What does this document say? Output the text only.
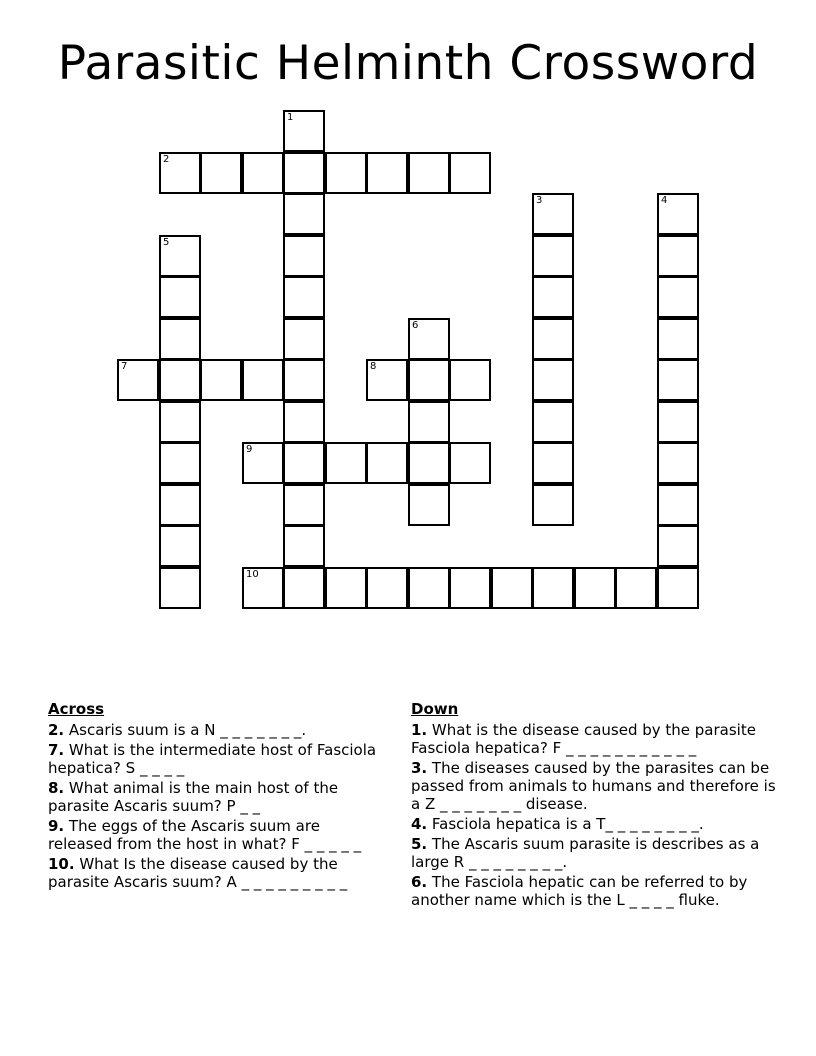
Parasitic Helminth Crossword
1
2
3	4
5
6
7	8
9
10
Across
2. Ascaris suum is a N _ _ _ _ _ _ _.
7. What is the intermediate host of Fasciola hepatica? S _ _ _ _
8. What animal is the main host of the parasite Ascaris suum? P _ _
9. The eggs of the Ascaris suum are released from the host in what? F _ _ _ _ _
10. What Is the disease caused by the parasite Ascaris suum? A _ _ _ _ _ _ _ _ _
Down
1. What is the disease caused by the parasite Fasciola hepatica? F _ _ _ _ _ _ _ _ _ _ _
3. The diseases caused by the parasites can be passed from animals to humans and therefore is a Z _ _ _ _ _ _ _ disease.
4. Fasciola hepatica is a T_ _ _ _ _ _ _ _.
5. The Ascaris suum parasite is describes as a large R _ _ _ _ _ _ _ _.
6. The Fasciola hepatic can be referred to by another name which is the L _ _ _ _ fluke.
